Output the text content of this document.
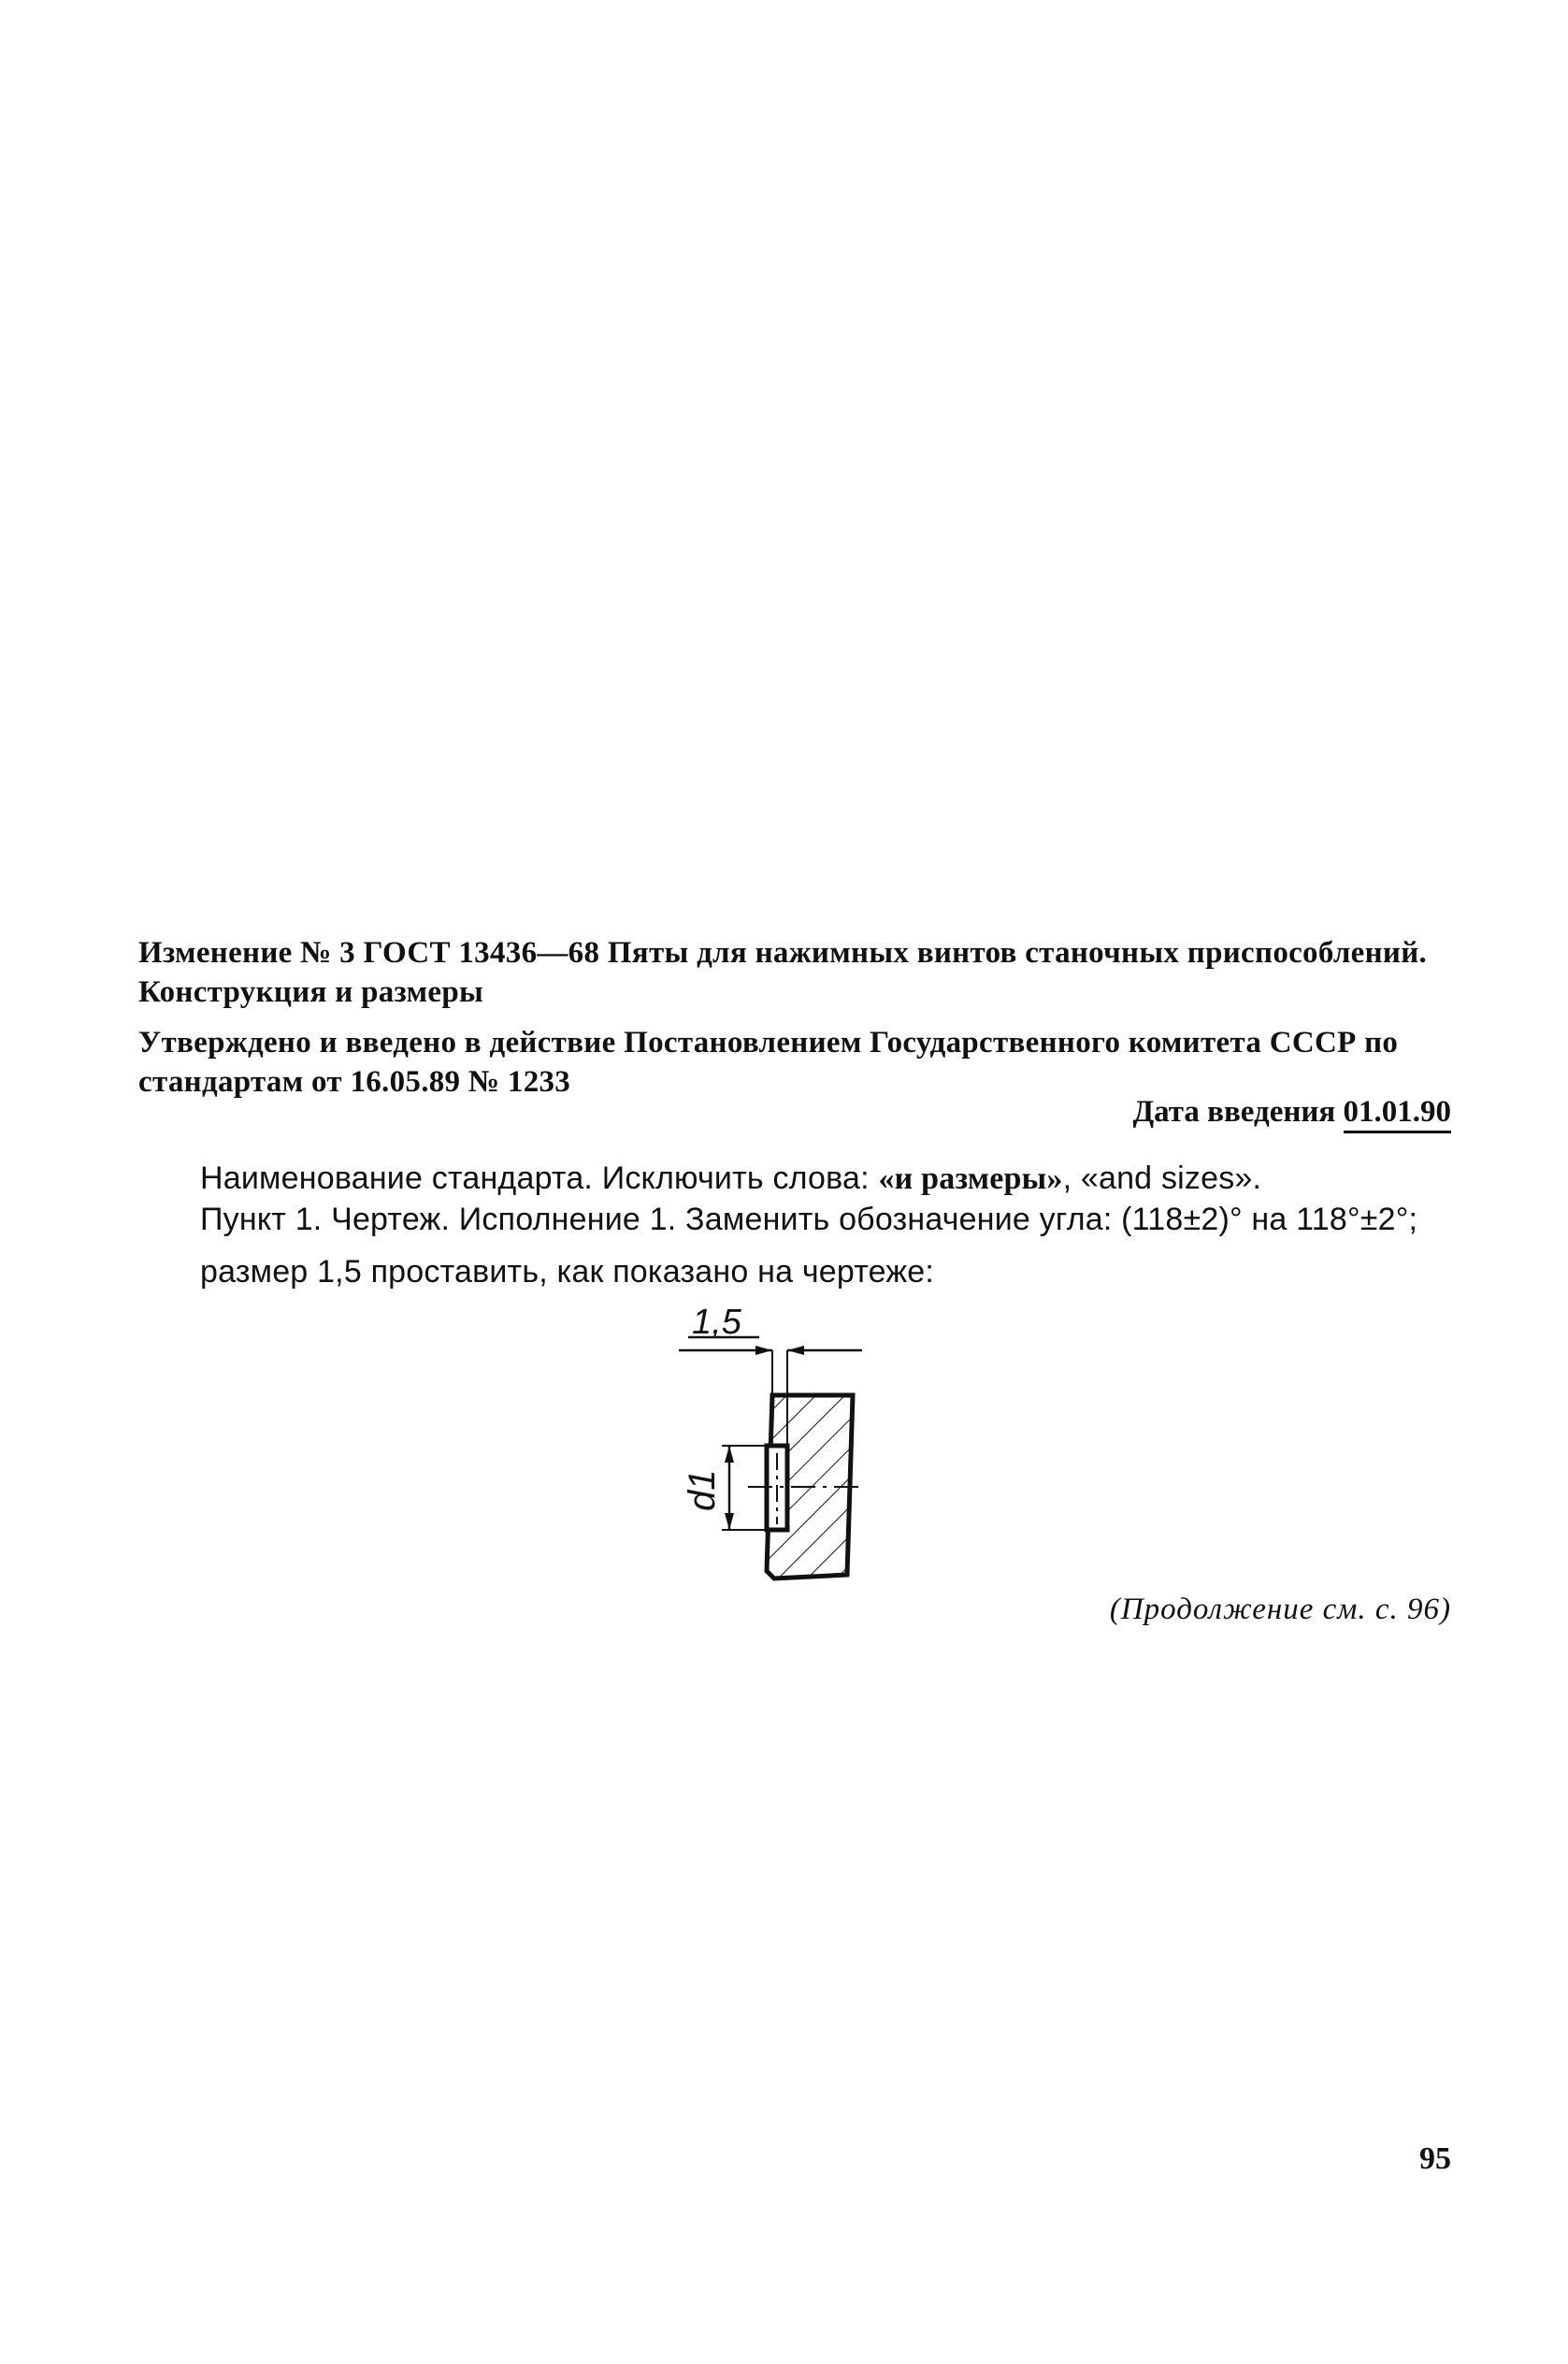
Изменение № 3 ГОСТ 13436—68 Пяты для нажимных винтов станочных приспособлений. Конструкция и размеры
Утверждено и введено в действие Постановлением Государственного комитета СССР по стандартам от 16.05.89 № 1233
Дата введения 01.01.90
Наименование стандарта. Исключить слова: «и размеры», «and sizes».
Пункт 1. Чертеж. Исполнение 1. Заменить обозначение угла: (118±2)° на 118°±2°;
размер 1,5 проставить, как показано на чертеже:
1,5
d1
(Продолжение см. с. 96)
95
